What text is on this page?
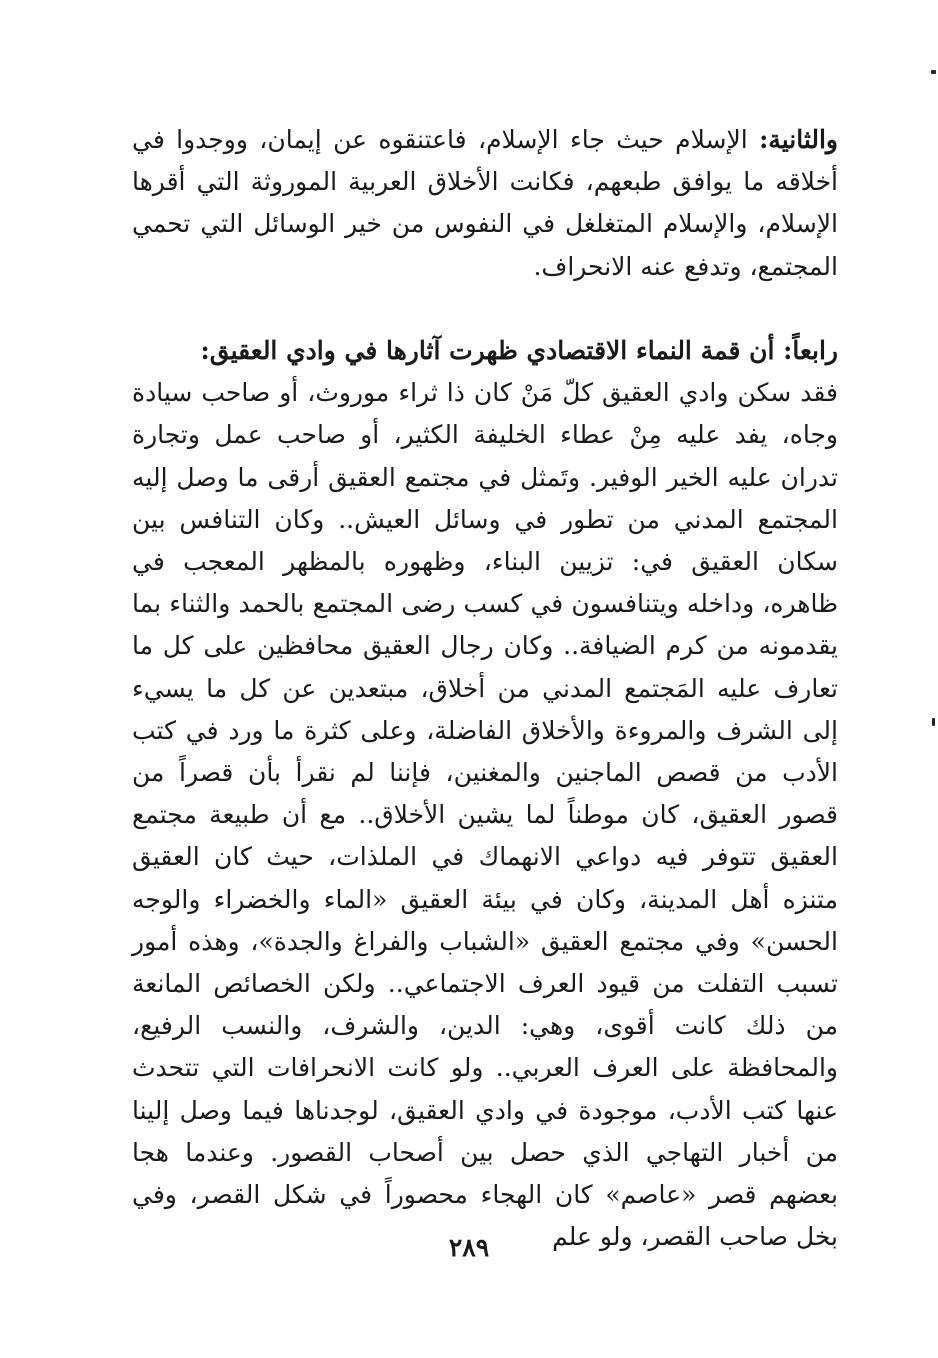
والثانية: الإسلام حيث جاء الإسلام، فاعتنقوه عن إيمان، ووجدوا في أخلاقه ما يوافق طبعهم، فكانت الأخلاق العربية الموروثة التي أقرها الإسلام، والإسلام المتغلغل في النفوس من خير الوسائل التي تحمي المجتمع، وتدفع عنه الانحراف.

رابعاً: أن قمة النماء الاقتصادي ظهرت آثارها في وادي العقيق:
فقد سكن وادي العقيق كلّ مَنْ كان ذا ثراء موروث، أو صاحب سيادة وجاه، يفد عليه مِنْ عطاء الخليفة الكثير، أو صاحب عمل وتجارة تدران عليه الخير الوفير. وتَمثل في مجتمع العقيق أرقى ما وصل إليه المجتمع المدني من تطور في وسائل العيش.. وكان التنافس بين سكان العقيق في: تزيين البناء، وظهوره بالمظهر المعجب في ظاهره، وداخله ويتنافسون في كسب رضى المجتمع بالحمد والثناء بما يقدمونه من كرم الضيافة.. وكان رجال العقيق محافظين على كل ما تعارف عليه المَجتمع المدني من أخلاق، مبتعدين عن كل ما يسيء إلى الشرف والمروءة والأخلاق الفاضلة، وعلى كثرة ما ورد في كتب الأدب من قصص الماجنين والمغنين، فإننا لم نقرأ بأن قصراً من قصور العقيق، كان موطناً لما يشين الأخلاق.. مع أن طبيعة مجتمع العقيق تتوفر فيه دواعي الانهماك في الملذات، حيث كان العقيق متنزه أهل المدينة، وكان في بيئة العقيق «الماء والخضراء والوجه الحسن» وفي مجتمع العقيق «الشباب والفراغ والجدة»، وهذه أمور تسبب التفلت من قيود العرف الاجتماعي.. ولكن الخصائص المانعة من ذلك كانت أقوى، وهي: الدين، والشرف، والنسب الرفيع، والمحافظة على العرف العربي.. ولو كانت الانحرافات التي تتحدث عنها كتب الأدب، موجودة في وادي العقيق، لوجدناها فيما وصل إلينا من أخبار التهاجي الذي حصل بين أصحاب القصور. وعندما هجا بعضهم قصر «عاصم» كان الهجاء محصوراً في شكل القصر، وفي بخل صاحب القصر، ولو علم

٢٨٩
